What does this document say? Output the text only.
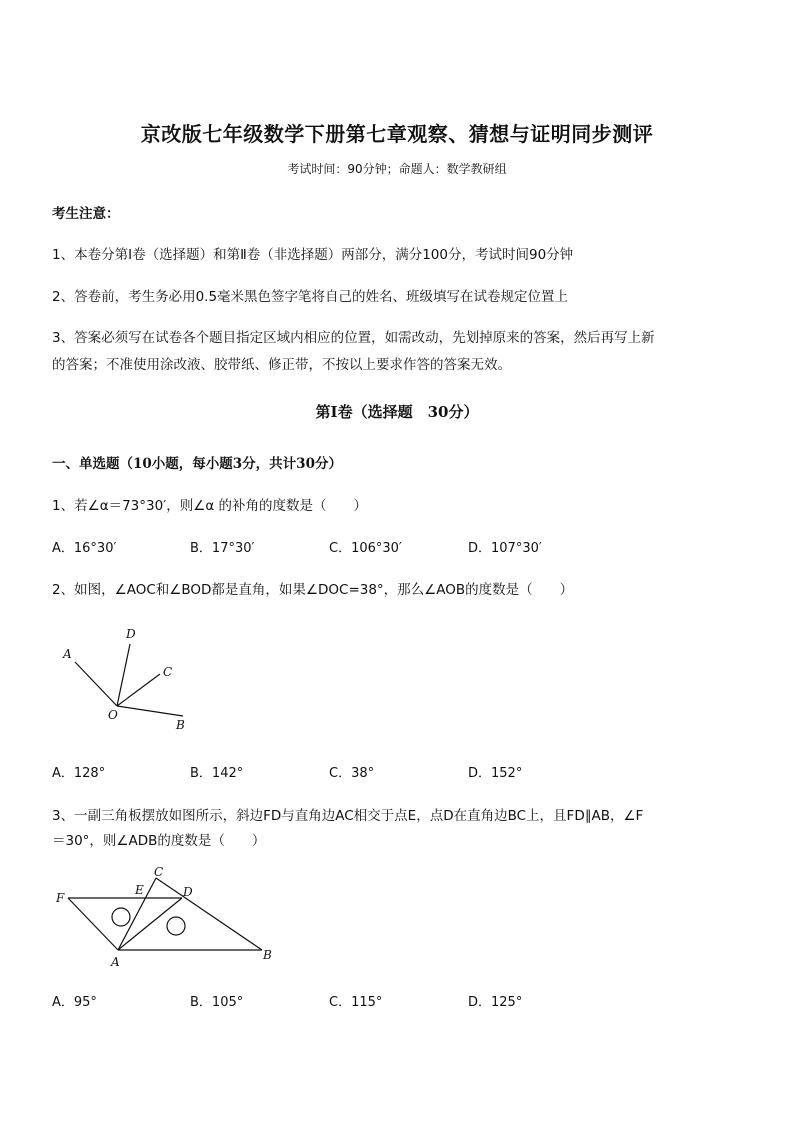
京改版七年级数学下册第七章观察、猜想与证明同步测评
考试时间：90分钟；命题人：数学教研组
考生注意：
1、本卷分第Ⅰ卷（选择题）和第Ⅱ卷（非选择题）两部分，满分100分，考试时间90分钟
2、答卷前，考生务必用0.5毫米黑色签字笔将自己的姓名、班级填写在试卷规定位置上
3、答案必须写在试卷各个题目指定区域内相应的位置，如需改动，先划掉原来的答案，然后再写上新
的答案；不准使用涂改液、胶带纸、修正带，不按以上要求作答的答案无效。
第Ⅰ卷（选择题　30分）
一、单选题（10小题，每小题3分，共计30分）
1、若∠α＝73°30′，则∠α 的补角的度数是（　　）
A．16°30′	B．17°30′	C．106°30′	D．107°30′
2、如图，∠AOC和∠BOD都是直角，如果∠DOC=38°，那么∠AOB的度数是（　　）
A
D
C
O
B
A．128°	B．142°	C．38°	D．152°
3、一副三角板摆放如图所示，斜边FD与直角边AC相交于点E，点D在直角边BC上，且FD∥AB，∠F
＝30°，则∠ADB的度数是（　　）
C
E	D
F
A	B
A．95°	B．105°	C．115°	D．125°
